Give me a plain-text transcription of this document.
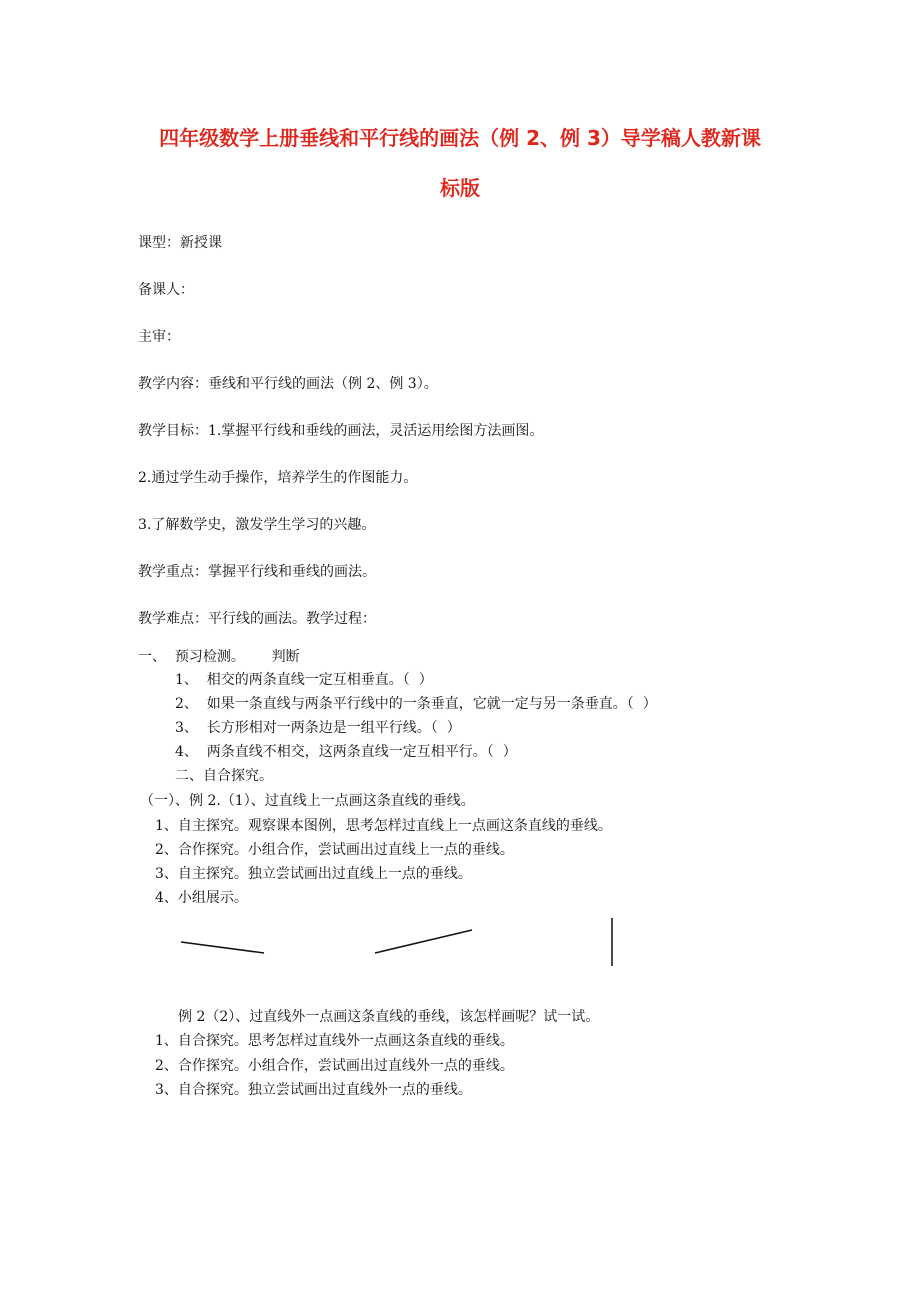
四年级数学上册垂线和平行线的画法（例 2、例 3）导学稿人教新课
标版
课型：新授课
备课人：
主审：
教学内容：垂线和平行线的画法（例 2、例 3）。
教学目标：1.掌握平行线和垂线的画法，灵活运用绘图方法画图。
2.通过学生动手操作，培养学生的作图能力。
3.了解数学史，激发学生学习的兴趣。
教学重点：掌握平行线和垂线的画法。
教学难点：平行线的画法。教学过程：
一、  预习检测。      判断
1、  相交的两条直线一定互相垂直。（  ）
2、  如果一条直线与两条平行线中的一条垂直，它就一定与另一条垂直。（  ）
3、  长方形相对一两条边是一组平行线。（  ）
4、  两条直线不相交，这两条直线一定互相平行。（  ）
二、自合探究。
（一）、例 2.（1）、过直线上一点画这条直线的垂线。
1、自主探究。观察课本图例，思考怎样过直线上一点画这条直线的垂线。
2、合作探究。小组合作，尝试画出过直线上一点的垂线。
3、自主探究。独立尝试画出过直线上一点的垂线。
4、小组展示。
例 2（2）、过直线外一点画这条直线的垂线，该怎样画呢？试一试。
1、自合探究。思考怎样过直线外一点画这条直线的垂线。
2、合作探究。小组合作，尝试画出过直线外一点的垂线。
3、自合探究。独立尝试画出过直线外一点的垂线。
